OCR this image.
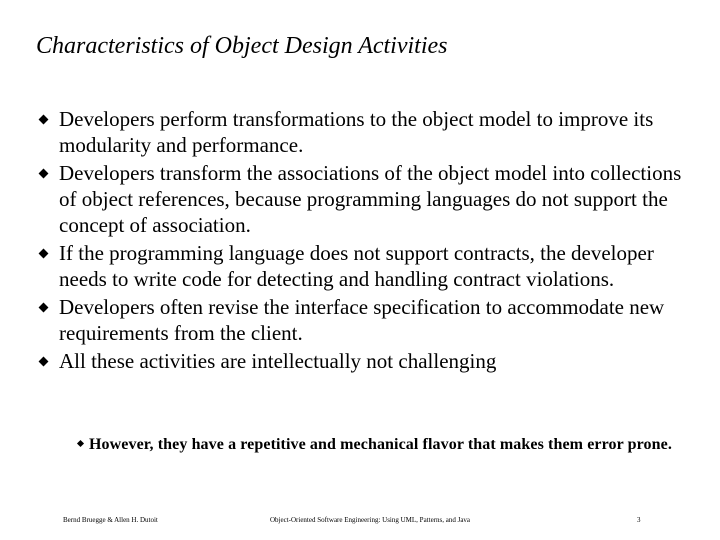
Characteristics of Object Design Activities
Developers perform transformations to the object model to improve its modularity and performance.
Developers transform the associations of the object model into collections of object references, because programming languages do not support the concept of association.
If the programming language does not support contracts, the developer needs to write code for detecting and handling contract violations.
Developers often revise the interface specification to accommodate new requirements from the client.
All these activities are intellectually not challenging
However, they have a repetitive and mechanical flavor that makes them error prone.
Bernd Bruegge & Allen H. Dutoit	Object-Oriented Software Engineering: Using UML, Patterns, and Java	3
